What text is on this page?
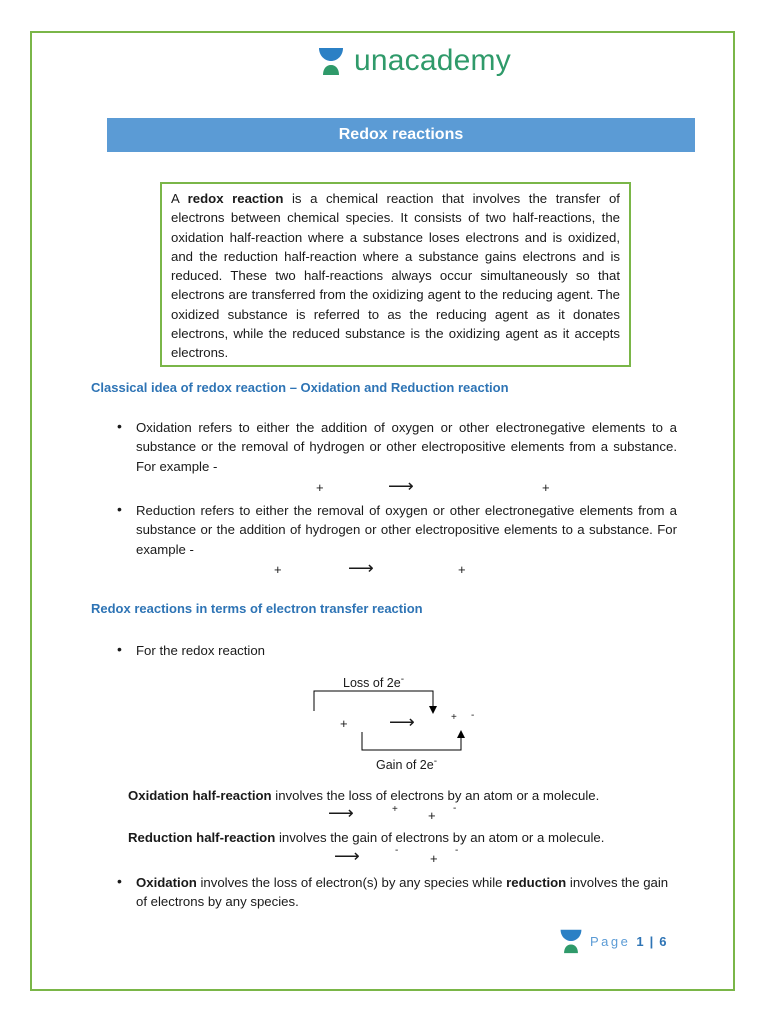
unacademy
Redox reactions
A redox reaction is a chemical reaction that involves the transfer of electrons between chemical species. It consists of two half-reactions, the oxidation half-reaction where a substance loses electrons and is oxidized, and the reduction half-reaction where a substance gains electrons and is reduced. These two half-reactions always occur simultaneously so that electrons are transferred from the oxidizing agent to the reducing agent. The oxidized substance is referred to as the reducing agent as it donates electrons, while the reduced substance is the oxidizing agent as it accepts electrons.
Classical idea of redox reaction – Oxidation and Reduction reaction
• Oxidation refers to either the addition of oxygen or other electronegative elements to a substance or the removal of hydrogen or other electropositive elements from a substance. For example -
+	⟶	+
• Reduction refers to either the removal of oxygen or other electronegative elements from a substance or the addition of hydrogen or other electropositive elements to a substance. For example -
+	⟶	+
Redox reactions in terms of electron transfer reaction
• For the redox reaction
Loss of 2e-
+ ⟶	+ -
Gain of 2e-
Oxidation half-reaction involves the loss of electrons by an atom or a molecule.
⟶	+ + -
Reduction half-reaction involves the gain of electrons by an atom or a molecule.
⟶	-
+
-
• Oxidation involves the loss of electron(s) by any species while reduction involves the gain of electrons by any species.
Page 1 | 6
